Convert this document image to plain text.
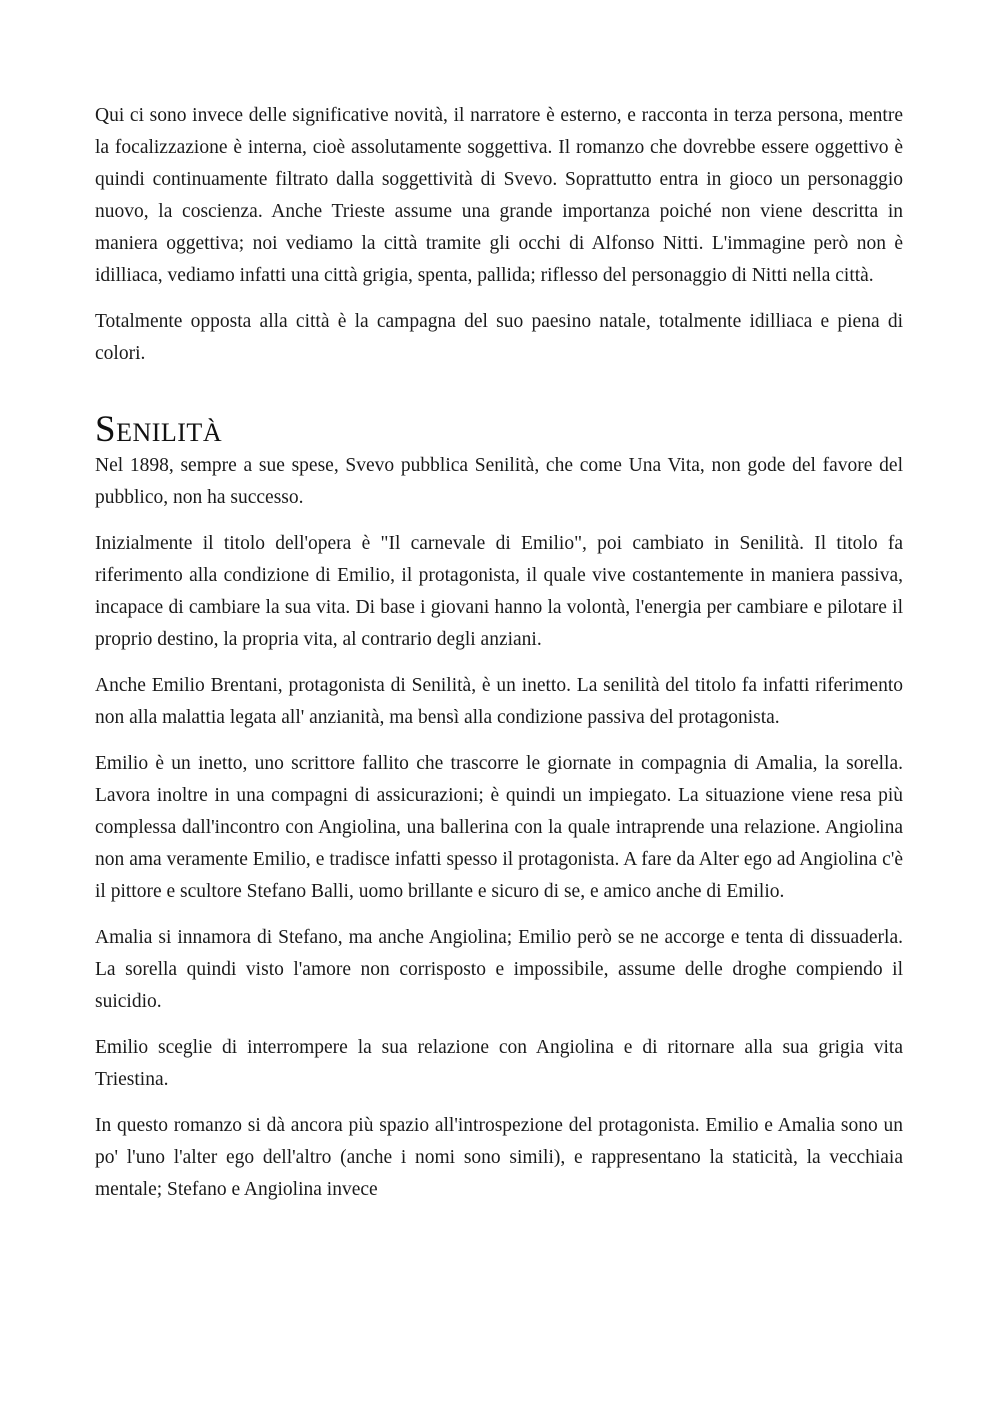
Qui ci sono invece delle significative novità, il narratore è esterno, e racconta in terza persona, mentre la focalizzazione è interna, cioè assolutamente soggettiva. Il romanzo che dovrebbe essere oggettivo è quindi continuamente filtrato dalla soggettività di Svevo. Soprattutto entra in gioco un personaggio nuovo, la coscienza. Anche Trieste assume una grande importanza poiché non viene descritta in maniera oggettiva; noi vediamo la città tramite gli occhi di Alfonso Nitti. L'immagine però non è idilliaca, vediamo infatti una città grigia, spenta, pallida; riflesso del personaggio di Nitti nella città.

Totalmente opposta alla città è la campagna del suo paesino natale, totalmente idilliaca e piena di colori.

Senilità

Nel 1898, sempre a sue spese, Svevo pubblica Senilità, che come Una Vita, non gode del favore del pubblico, non ha successo.

Inizialmente il titolo dell'opera è "Il carnevale di Emilio", poi cambiato in Senilità. Il titolo fa riferimento alla condizione di Emilio, il protagonista, il quale vive costantemente in maniera passiva, incapace di cambiare la sua vita. Di base i giovani hanno la volontà, l'energia per cambiare e pilotare il proprio destino, la propria vita, al contrario degli anziani.

Anche Emilio Brentani, protagonista di Senilità, è un inetto. La senilità del titolo fa infatti riferimento non alla malattia legata all' anzianità, ma bensì alla condizione passiva del protagonista.

Emilio è un inetto, uno scrittore fallito che trascorre le giornate in compagnia di Amalia, la sorella. Lavora inoltre in una compagni di assicurazioni; è quindi un impiegato. La situazione viene resa più complessa dall'incontro con Angiolina, una ballerina con la quale intraprende una relazione. Angiolina non ama veramente Emilio, e tradisce infatti spesso il protagonista. A fare da Alter ego ad Angiolina c'è il pittore e scultore Stefano Balli, uomo brillante e sicuro di se, e amico anche di Emilio.

Amalia si innamora di Stefano, ma anche Angiolina; Emilio però se ne accorge e tenta di dissuaderla. La sorella quindi visto l'amore non corrisposto e impossibile, assume delle droghe compiendo il suicidio.

Emilio sceglie di interrompere la sua relazione con Angiolina e di ritornare alla sua grigia vita Triestina.

In questo romanzo si dà ancora più spazio all'introspezione del protagonista. Emilio e Amalia sono un po' l'uno l'alter ego dell'altro (anche i nomi sono simili), e rappresentano la staticità, la vecchiaia mentale; Stefano e Angiolina invece
